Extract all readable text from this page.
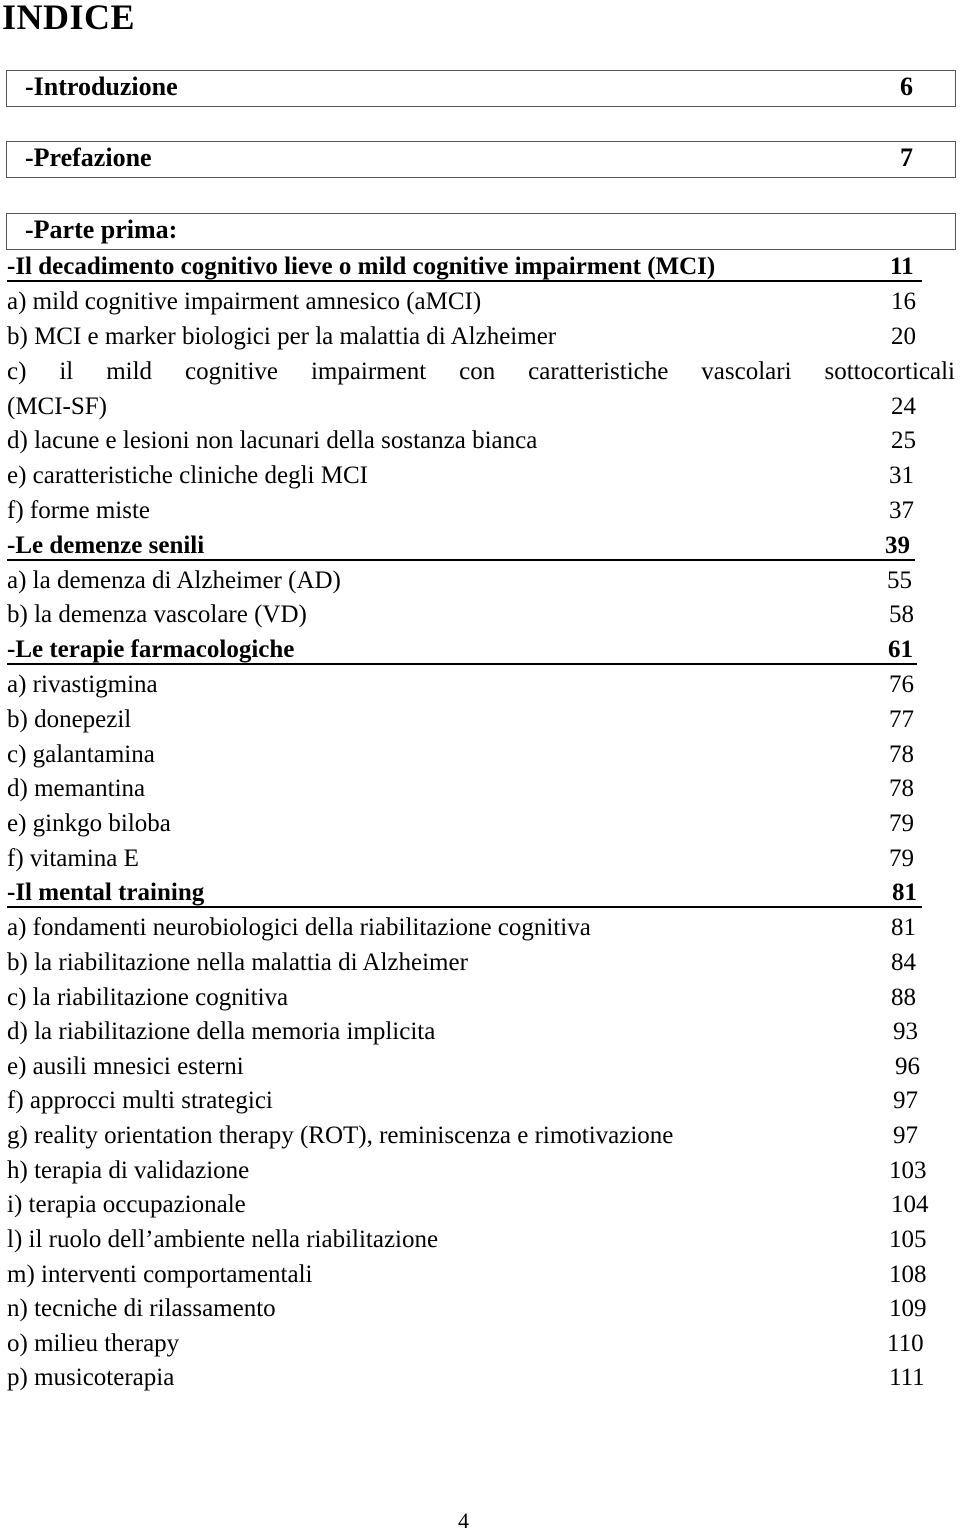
INDICE
-Introduzione	6
-Prefazione	7
-Parte prima:
-Il decadimento cognitivo lieve o mild cognitive impairment (MCI)	11
a) mild cognitive impairment amnesico (aMCI)	16
b) MCI e marker biologici per la malattia di Alzheimer	20
c) il mild cognitive impairment con caratteristiche vascolari sottocorticali
(MCI-SF)	24
d) lacune e lesioni non lacunari della sostanza bianca	25
e) caratteristiche cliniche degli MCI	31
f) forme miste	37
-Le demenze senili	39
a) la demenza di Alzheimer (AD)	55
b) la demenza vascolare (VD)	58
-Le terapie farmacologiche	61
a) rivastigmina	76
b) donepezil	77
c) galantamina	78
d) memantina	78
e) ginkgo biloba	79
f) vitamina E	79
-Il mental training	81
a) fondamenti neurobiologici della riabilitazione cognitiva	81
b) la riabilitazione nella malattia di Alzheimer	84
c) la riabilitazione cognitiva	88
d) la riabilitazione della memoria implicita	93
e) ausili mnesici esterni	96
f) approcci multi strategici	97
g) reality orientation therapy (ROT), reminiscenza e rimotivazione	97
h) terapia di validazione	103
i) terapia occupazionale	104
l) il ruolo dell’ambiente nella riabilitazione	105
m) interventi comportamentali	108
n) tecniche di rilassamento	109
o) milieu therapy	110
p) musicoterapia	111
4
